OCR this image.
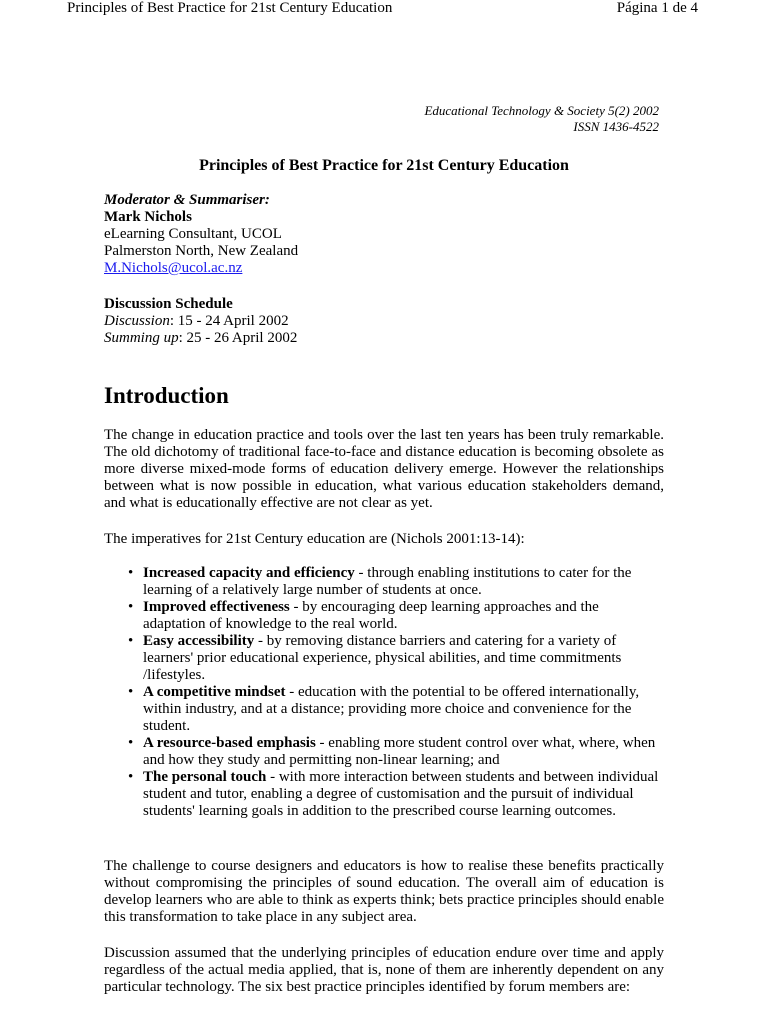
Principles of Best Practice for 21st Century Education	Página 1 de 4
Educational Technology & Society 5(2) 2002
ISSN 1436-4522
Principles of Best Practice for 21st Century Education
Moderator & Summariser:
Mark Nichols
eLearning Consultant, UCOL
Palmerston North, New Zealand
M.Nichols@ucol.ac.nz
Discussion Schedule
Discussion: 15 - 24 April 2002
Summing up: 25 - 26 April 2002
Introduction
The change in education practice and tools over the last ten years has been truly remarkable. The old dichotomy of traditional face-to-face and distance education is becoming obsolete as more diverse mixed-mode forms of education delivery emerge. However the relationships between what is now possible in education, what various education stakeholders demand, and what is educationally effective are not clear as yet.
The imperatives for 21st Century education are (Nichols 2001:13-14):
• Increased capacity and efficiency - through enabling institutions to cater for the learning of a relatively large number of students at once.
• Improved effectiveness - by encouraging deep learning approaches and the adaptation of knowledge to the real world.
• Easy accessibility - by removing distance barriers and catering for a variety of learners' prior educational experience, physical abilities, and time commitments /lifestyles.
• A competitive mindset - education with the potential to be offered internationally, within industry, and at a distance; providing more choice and convenience for the student.
• A resource-based emphasis - enabling more student control over what, where, when and how they study and permitting non-linear learning; and
• The personal touch - with more interaction between students and between individual student and tutor, enabling a degree of customisation and the pursuit of individual students' learning goals in addition to the prescribed course learning outcomes.
The challenge to course designers and educators is how to realise these benefits practically without compromising the principles of sound education. The overall aim of education is develop learners who are able to think as experts think; bets practice principles should enable this transformation to take place in any subject area.
Discussion assumed that the underlying principles of education endure over time and apply regardless of the actual media applied, that is, none of them are inherently dependent on any particular technology. The six best practice principles identified by forum members are:
